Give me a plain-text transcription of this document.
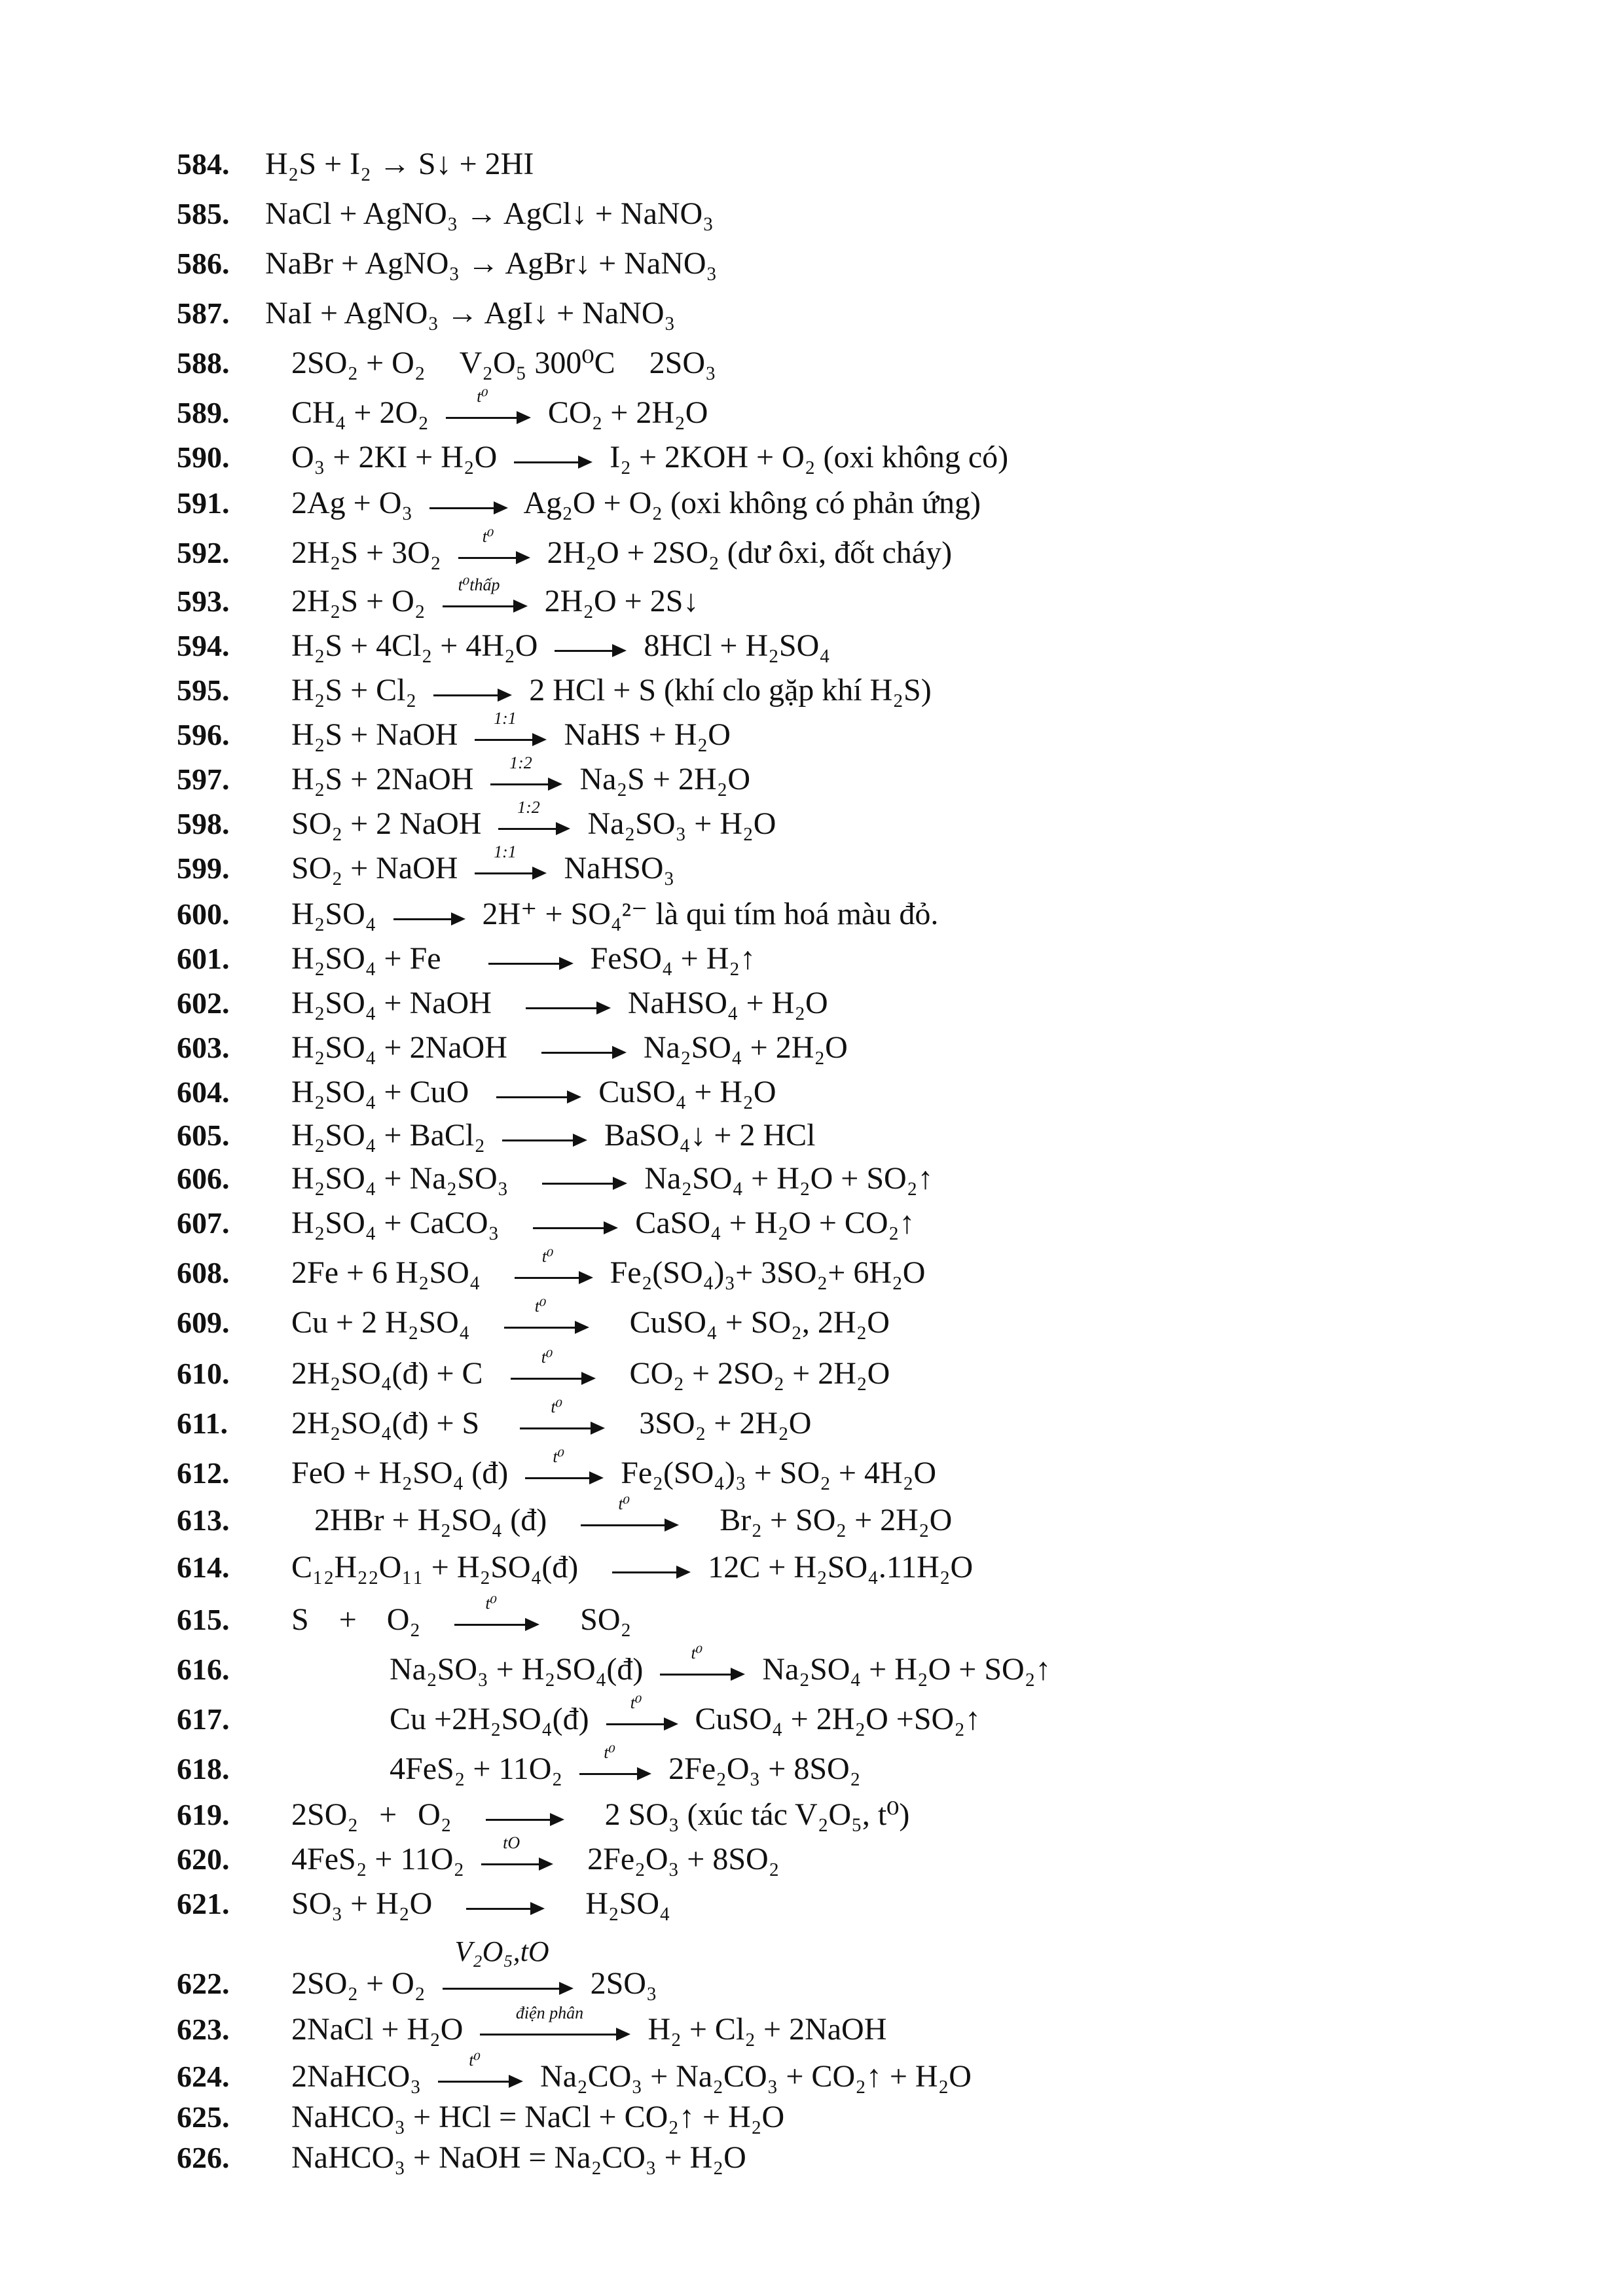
584. H₂S + I₂ → S↓ + 2HI
585. NaCl + AgNO₃ → AgCl↓ + NaNO₃
586. NaBr + AgNO₃ → AgBr↓ + NaNO₃
587. NaI + AgNO₃ → AgI↓ + NaNO₃
588. 2SO₂ + O₂ V₂O₅ 300⁰C 2SO₃
589. CH₄ + 2O₂	t⁰	CO₂ + 2H₂O
590. O₃ + 2KI + H₂O	I₂ + 2KOH + O₂ (oxi không có)
591. 2Ag + O₃	Ag₂O + O₂ (oxi không có phản ứng)
592. 2H₂S + 3O₂	t⁰	2H₂O + 2SO₂ (dư ôxi, đốt cháy)
593. 2H₂S + O₂	t⁰thấp	2H₂O + 2S↓
594. H₂S + 4Cl₂ + 4H₂O	8HCl + H₂SO₄
595. H₂S + Cl₂	2 HCl + S (khí clo gặp khí H₂S)
596. H₂S + NaOH	1:1	NaHS + H₂O
597. H₂S + 2NaOH	1:2	Na₂S + 2H₂O
598. SO₂ + 2 NaOH	1:2	Na₂SO₃ + H₂O
599. SO₂ + NaOH	1:1	NaHSO₃
600. H₂SO₄	2H⁺ + SO₄²⁻ là qui tím hoá màu đỏ.
601. H₂SO₄ + Fe	FeSO₄ + H₂↑
602. H₂SO₄ + NaOH	NaHSO₄ + H₂O
603. H₂SO₄ + 2NaOH	Na₂SO₄ + 2H₂O
604. H₂SO₄ + CuO	CuSO₄ + H₂O
605. H₂SO₄ + BaCl₂	BaSO₄↓ + 2 HCl
606. H₂SO₄ + Na₂SO₃	Na₂SO₄ + H₂O + SO₂↑
607. H₂SO₄ + CaCO₃	CaSO₄ + H₂O + CO₂↑
608. 2Fe + 6 H₂SO₄	t⁰	Fe₂(SO₄)₃+ 3SO₂+ 6H₂O
609. Cu + 2 H₂SO₄	t⁰	CuSO₄ + SO₂, 2H₂O
610. 2H₂SO₄(đ) + C	t⁰	CO₂ + 2SO₂ + 2H₂O
611. 2H₂SO₄(đ) + S	t⁰	3SO₂ + 2H₂O
612. FeO + H₂SO₄ (đ)	t⁰	Fe₂(SO₄)₃ + SO₂ + 4H₂O
613.	2HBr + H₂SO₄ (đ)	t⁰	Br₂ + SO₂ + 2H₂O
614. C₁₂H₂₂O₁₁ + H₂SO₄(đ)	12C + H₂SO₄.11H₂O
615. S + O₂	t⁰	SO₂
616.	Na₂SO₃ + H₂SO₄(đ)	t⁰	Na₂SO₄ + H₂O + SO₂↑
617.	Cu +2H₂SO₄(đ)	t⁰	CuSO₄ + 2H₂O +SO₂↑
618.	4FeS₂ + 11O₂	t⁰	2Fe₂O₃ + 8SO₂
619. 2SO₂ + O₂	2 SO₃ (xúc tác V₂O₅, t⁰)
620. 4FeS₂ + 11O₂	tO	2Fe₂O₃ + 8SO₂
621. SO₃ + H₂O	H₂SO₄
622. 2SO₂ + O₂
V₂O₅,tO
2SO₃
623. 2NaCl + H₂O	điện phân	H₂ + Cl₂ + 2NaOH
624. 2NaHCO₃	t⁰	Na₂CO₃ + Na₂CO₃ + CO₂↑ + H₂O
625. NaHCO₃ + HCl = NaCl + CO₂↑ + H₂O
626. NaHCO₃ + NaOH = Na₂CO₃ + H₂O
